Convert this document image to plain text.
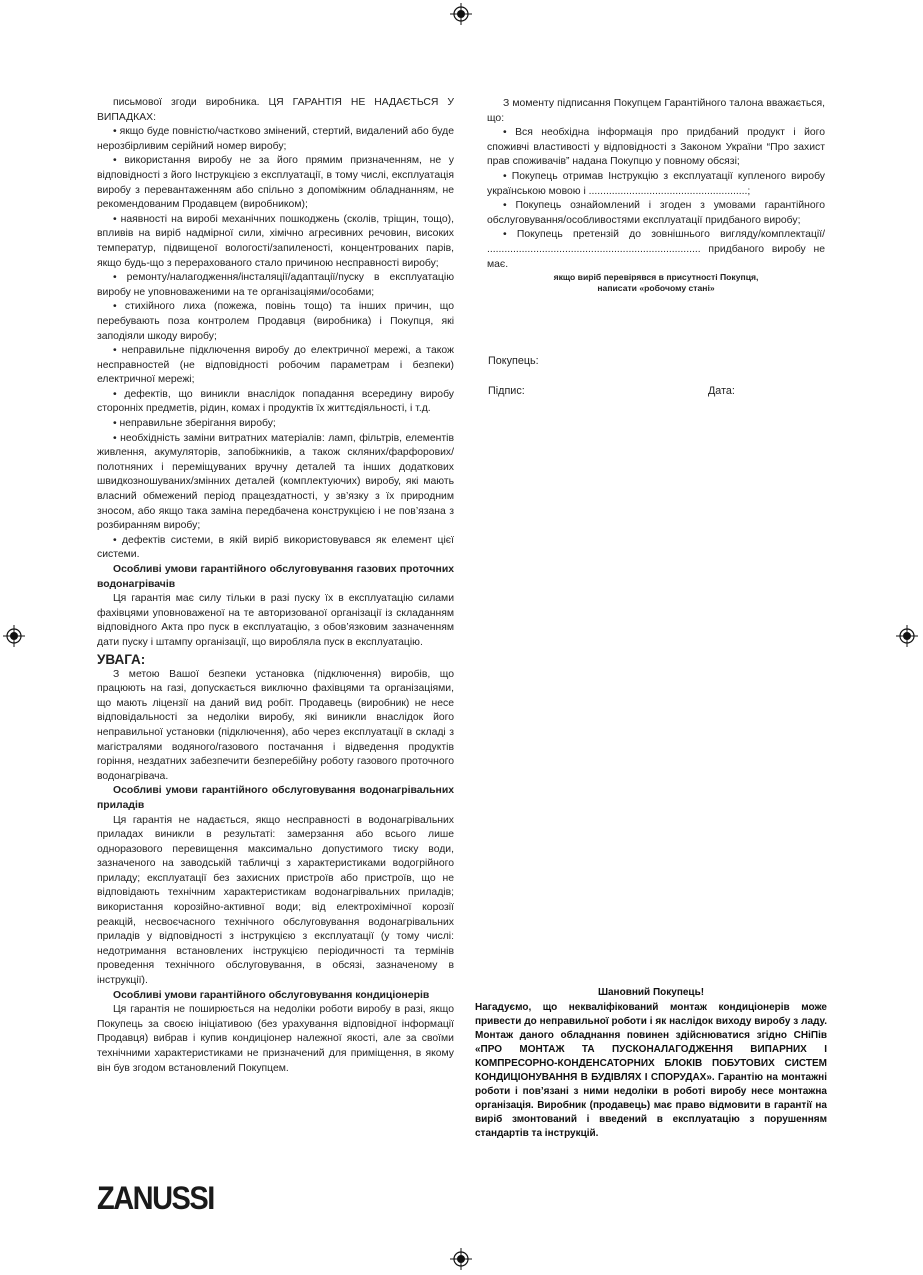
письмової згоди виробника. ЦЯ ГАРАНТІЯ НЕ НАДАЄТЬСЯ У ВИПАДКАХ:

• якщо буде повністю/частково змінений, стертий, видалений або буде нерозбірливим серійний номер виробу;

• використання виробу не за його прямим призначенням, не у відповідності з його Інструкцією з експлуатації, в тому числі, експлуатація виробу з перевантаженням або спільно з допоміжним обладнанням, не рекомендованим Продавцем (виробником);

• наявності на виробі механічних пошкоджень (сколів, тріщин, тощо), впливів на виріб надмірної сили, хімічно агресивних речовин, високих температур, підвищеної вологості/запиленості, концентрованих парів, якщо будь-що з перерахованого стало причиною несправності виробу;

• ремонту/налагодження/інсталяції/адаптації/пуску в експлуатацію виробу не уповноваженими на те організаціями/особами;

• стихійного лиха (пожежа, повінь тощо) та інших причин, що перебувають поза контролем Продавця (виробника) і Покупця, які заподіяли шкоду виробу;

• неправильне підключення виробу до електричної мережі, а також несправностей (не відповідності робочим параметрам і безпеки) електричної мережі;

• дефектів, що виникли внаслідок попадання всередину виробу сторонніх предметів, рідин, комах і продуктів їх життєдіяльності, і т.д.

• неправильне зберігання виробу;

• необхідність заміни витратних матеріалів: ламп, фільтрів, елементів живлення, акумуляторів, запобіжників, а також скляних/фарфорових/полотняних і переміщуваних вручну деталей та інших додаткових швидкозношуваних/змінних деталей (комплектуючих) виробу, які мають власний обмежений період працездатності, у зв’язку з їх природним зносом, або якщо така заміна передбачена конструкцією і не пов’язана з розбиранням виробу;

• дефектів системи, в якій виріб використовувався як елемент цієї системи.

Особливі умови гарантійного обслуговування газових проточних водонагрівачів

Ця гарантія має силу тільки в разі пуску їх в експлуатацію силами фахівцями уповноваженої на те авторизованої організації із складанням відповідного Акта про пуск в експлуатацію, з обов’язковим зазначенням дати пуску і штампу організації, що виробляла пуск в експлуатацію.

УВАГА:

З метою Вашої безпеки установка (підключення) виробів, що працюють на газі, допускається виключно фахівцями та організаціями, що мають ліцензії на даний вид робіт. Продавець (виробник) не несе відповідальності за недоліки виробу, які виникли внаслідок його неправильної установки (підключення), або через експлуатації в складі з магістралями водяного/газового постачання і відведення продуктів горіння, нездатних забезпечити безперебійну роботу газового проточного водонагрівача.

Особливі умови гарантійного обслуговування водонагрівальних приладів

Ця гарантія не надається, якщо несправності в водонагрівальних приладах виникли в результаті: замерзання або всього лише одноразового перевищення максимально допустимого тиску води, зазначеного на заводській табличці з характеристиками водогрійного приладу; експлуатації без захисних пристроїв або пристроїв, що не відповідають технічним характеристикам водонагрівальних приладів; використання корозійно-активної води; від електрохімічної корозії реакцій, несвоєчасного технічного обслуговування водонагрівальних приладів у відповідності з інструкцією з експлуатації (у тому числі: недотримання встановлених інструкцією періодичності та термінів проведення технічного обслуговування, в обсязі, зазначеному в інструкції).

Особливі умови гарантійного обслуговування кондиціонерів

Ця гарантія не поширюється на недоліки роботи виробу в разі, якщо Покупець за своєю ініціативою (без урахування відповідної інформації Продавця) вибрав і купив кондиціонер належної якості, але за своїми технічними характеристиками не призначений для приміщення, в якому він був згодом встановлений Покупцем.

З моменту підписання Покупцем Гарантійного талона вважається, що:

• Вся необхідна інформація про придбаний продукт і його споживчі властивості у відповідності з Законом України “Про захист прав споживачів” надана Покупцю у повному обсязі;

• Покупець отримав Інструкцію з експлуатації купленого виробу українською мовою і .......................................................;

• Покупець ознайомлений і згоден з умовами гарантійного обслуговування/особливостями експлуатації придбаного виробу;

• Покупець претензій до зовнішнього вигляду/комплектації/ .......................................................................... придбаного виробу не має.

якщо виріб перевірявся в присутності Покупця,
написати «робочому стані»

Покупець:
Підпис:	Дата:

Шановний Покупець!

Нагадуємо, що некваліфікований монтаж кондиціонерів може привести до неправильної роботи і як наслідок виходу виробу з ладу. Монтаж даного обладнання повинен здійснюватися згідно СНіПів «ПРО МОНТАЖ ТА ПУСКОНАЛАГОДЖЕННЯ ВИПАРНИХ І КОМПРЕСОРНО-КОНДЕНСАТОРНИХ БЛОКІВ ПОБУТОВИХ СИСТЕМ КОНДИЦІОНУВАННЯ В БУДІВЛЯХ І СПОРУДАХ». Гарантію на монтажні роботи і пов’язані з ними недоліки в роботі виробу несе монтажна організація. Виробник (продавець) має право відмовити в гарантії на виріб змонтований і введений в експлуатацію з порушенням стандартів та інструкцій.

ZANUSSI
